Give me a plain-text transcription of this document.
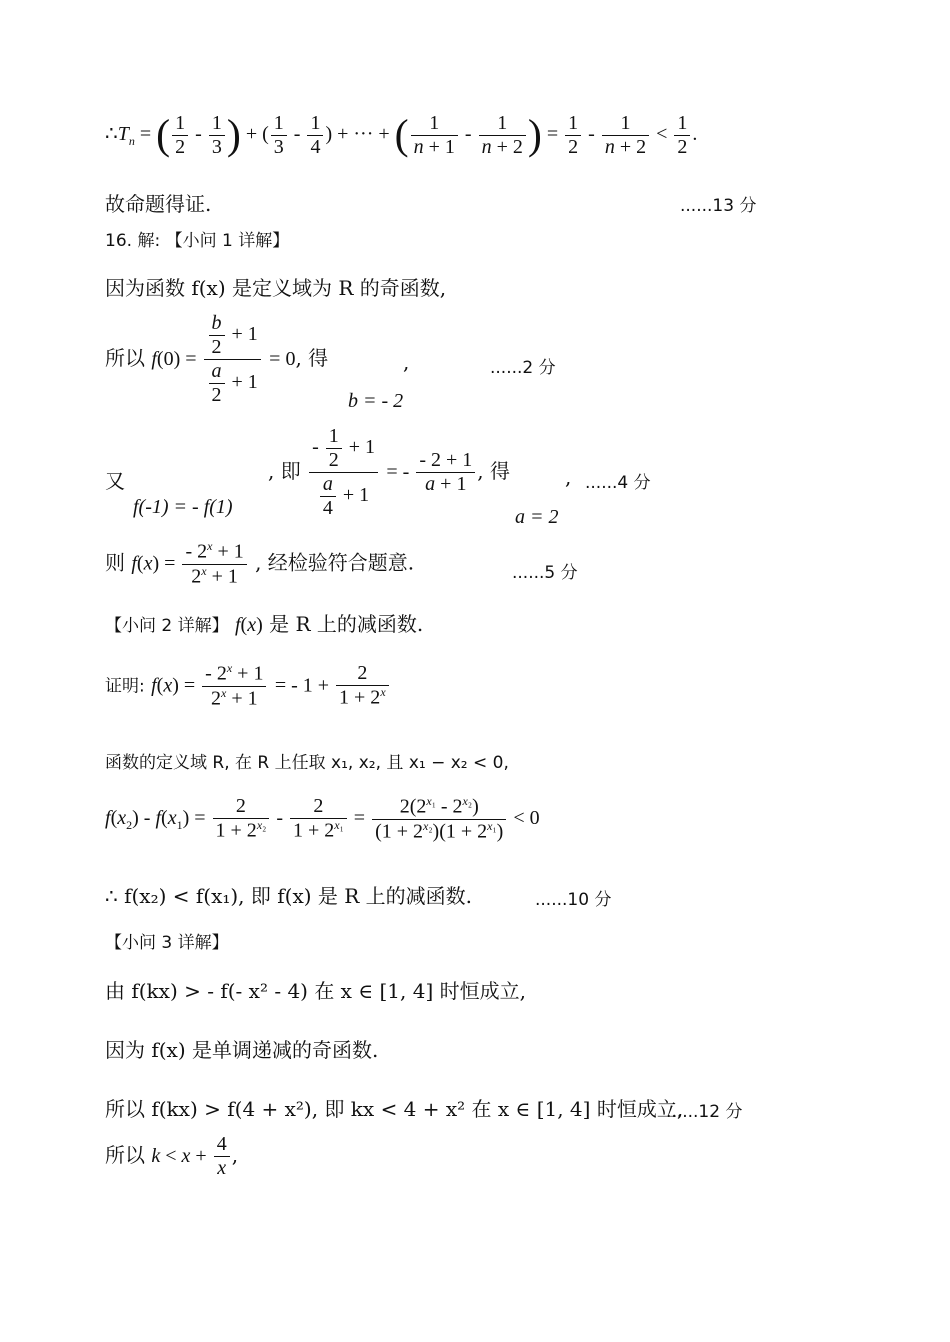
$\therefore T_n$ = ( $\frac{1}{2} - \frac{1}{3}$ ) + ( $\frac{1}{3} - \frac{1}{4}$ ) + ··· + ( $\frac{1}{n + 1} - \frac{1}{n + 2}$ ) = $\frac{1}{2} - \frac{1}{n + 2} < \frac{1}{2}$ .
故命题得证.	......13 分
16. 解: 【小问 1 详解】
因为函数 f(x) 是定义域为 R 的奇函数,
所以 $f(0) = \frac{\frac{b}{2} + 1}{\frac{a}{2} + 1} = 0$, 得	,	......2 分
b = - 2
又
f(-1) = - f(1)
, 即 $\frac{- \frac{1}{2} + 1}{\frac{a}{4} + 1}$ = - $\frac{- 2 + 1}{a + 1}$ , 得	, ......4 分
a = 2
则 $f(x) = \frac{- 2^x + 1}{2^x + 1}$ , 经检验符合题意.	......5 分
【小问 2 详解】 f(x) 是 R 上的减函数.
证明: $f(x) = \frac{- 2^x + 1}{2^x + 1}$ = - $1 + \frac{2}{1 + 2^x}$
函数的定义域 R, 在 R 上任取 x₁, x₂, 且 x₁ − x₂ < 0,
$f(x_2) - f(x_1) = \frac{2}{1 + 2^{x_2}} - \frac{2}{1 + 2^{x_1}} = \frac{2(2^{x_1} - 2^{x_2})}{(1 + 2^{x_2})(1 + 2^{x_1})} < 0$
∴ f(x₂) < f(x₁), 即 f(x) 是 R 上的减函数.	......10 分
【小问 3 详解】
由 f(kx) > - f(- x² - 4) 在 x ∈ [1, 4] 时恒成立,
因为 f(x) 是单调递减的奇函数.
所以 f(kx) > f(4 + x²), 即 kx < 4 + x² 在 x ∈ [1, 4] 时恒成立,
......12 分
所以 $k < x + \frac{4}{x}$ ,
